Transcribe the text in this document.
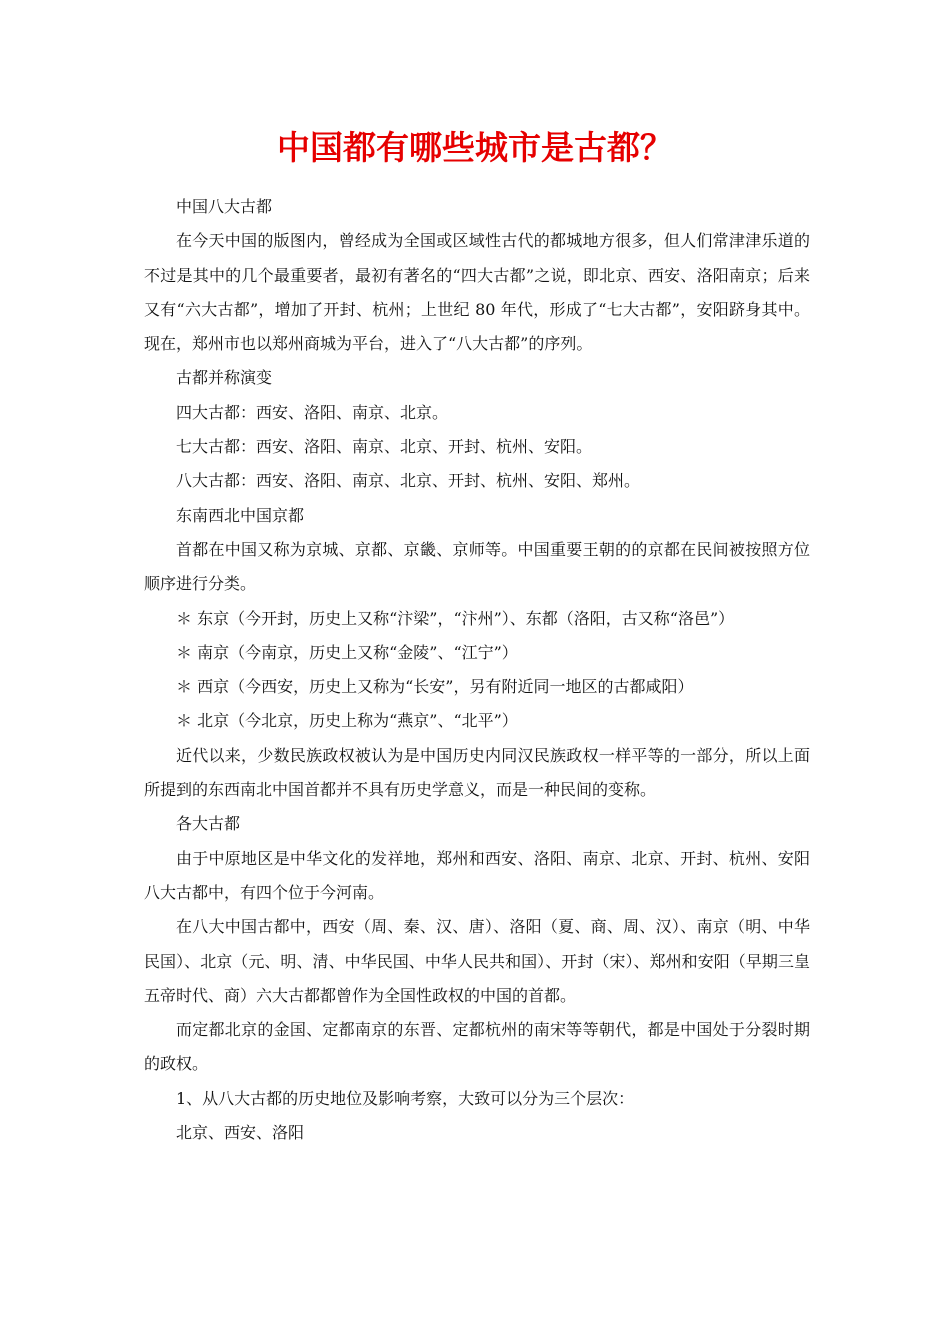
中国都有哪些城市是古都？

中国八大古都

在今天中国的版图内，曾经成为全国或区域性古代的都城地方很多，但人们常津津乐道的不过是其中的几个最重要者，最初有著名的“四大古都”之说，即北京、西安、洛阳南京；后来又有“六大古都”，增加了开封、杭州；上世纪 80 年代，形成了“七大古都”，安阳跻身其中。现在，郑州市也以郑州商城为平台，进入了“八大古都”的序列。

古都并称演变

四大古都：西安、洛阳、南京、北京。

七大古都：西安、洛阳、南京、北京、开封、杭州、安阳。

八大古都：西安、洛阳、南京、北京、开封、杭州、安阳、郑州。

东南西北中国京都

首都在中国又称为京城、京都、京畿、京师等。中国重要王朝的的京都在民间被按照方位顺序进行分类。

＊ 东京（今开封，历史上又称“汴梁”，“汴州”）、东都（洛阳，古又称“洛邑”）

＊ 南京（今南京，历史上又称“金陵”、“江宁”）

＊ 西京（今西安，历史上又称为“长安”，另有附近同一地区的古都咸阳）

＊ 北京（今北京，历史上称为“燕京”、“北平”）

近代以来，少数民族政权被认为是中国历史内同汉民族政权一样平等的一部分，所以上面所提到的东西南北中国首都并不具有历史学意义，而是一种民间的变称。

各大古都

由于中原地区是中华文化的发祥地，郑州和西安、洛阳、南京、北京、开封、杭州、安阳八大古都中，有四个位于今河南。

在八大中国古都中，西安（周、秦、汉、唐）、洛阳（夏、商、周、汉）、南京（明、中华民国）、北京（元、明、清、中华民国、中华人民共和国）、开封（宋）、郑州和安阳（早期三皇五帝时代、商）六大古都都曾作为全国性政权的中国的首都。

而定都北京的金国、定都南京的东晋、定都杭州的南宋等等朝代，都是中国处于分裂时期的政权。

1、从八大古都的历史地位及影响考察，大致可以分为三个层次：

北京、西安、洛阳
